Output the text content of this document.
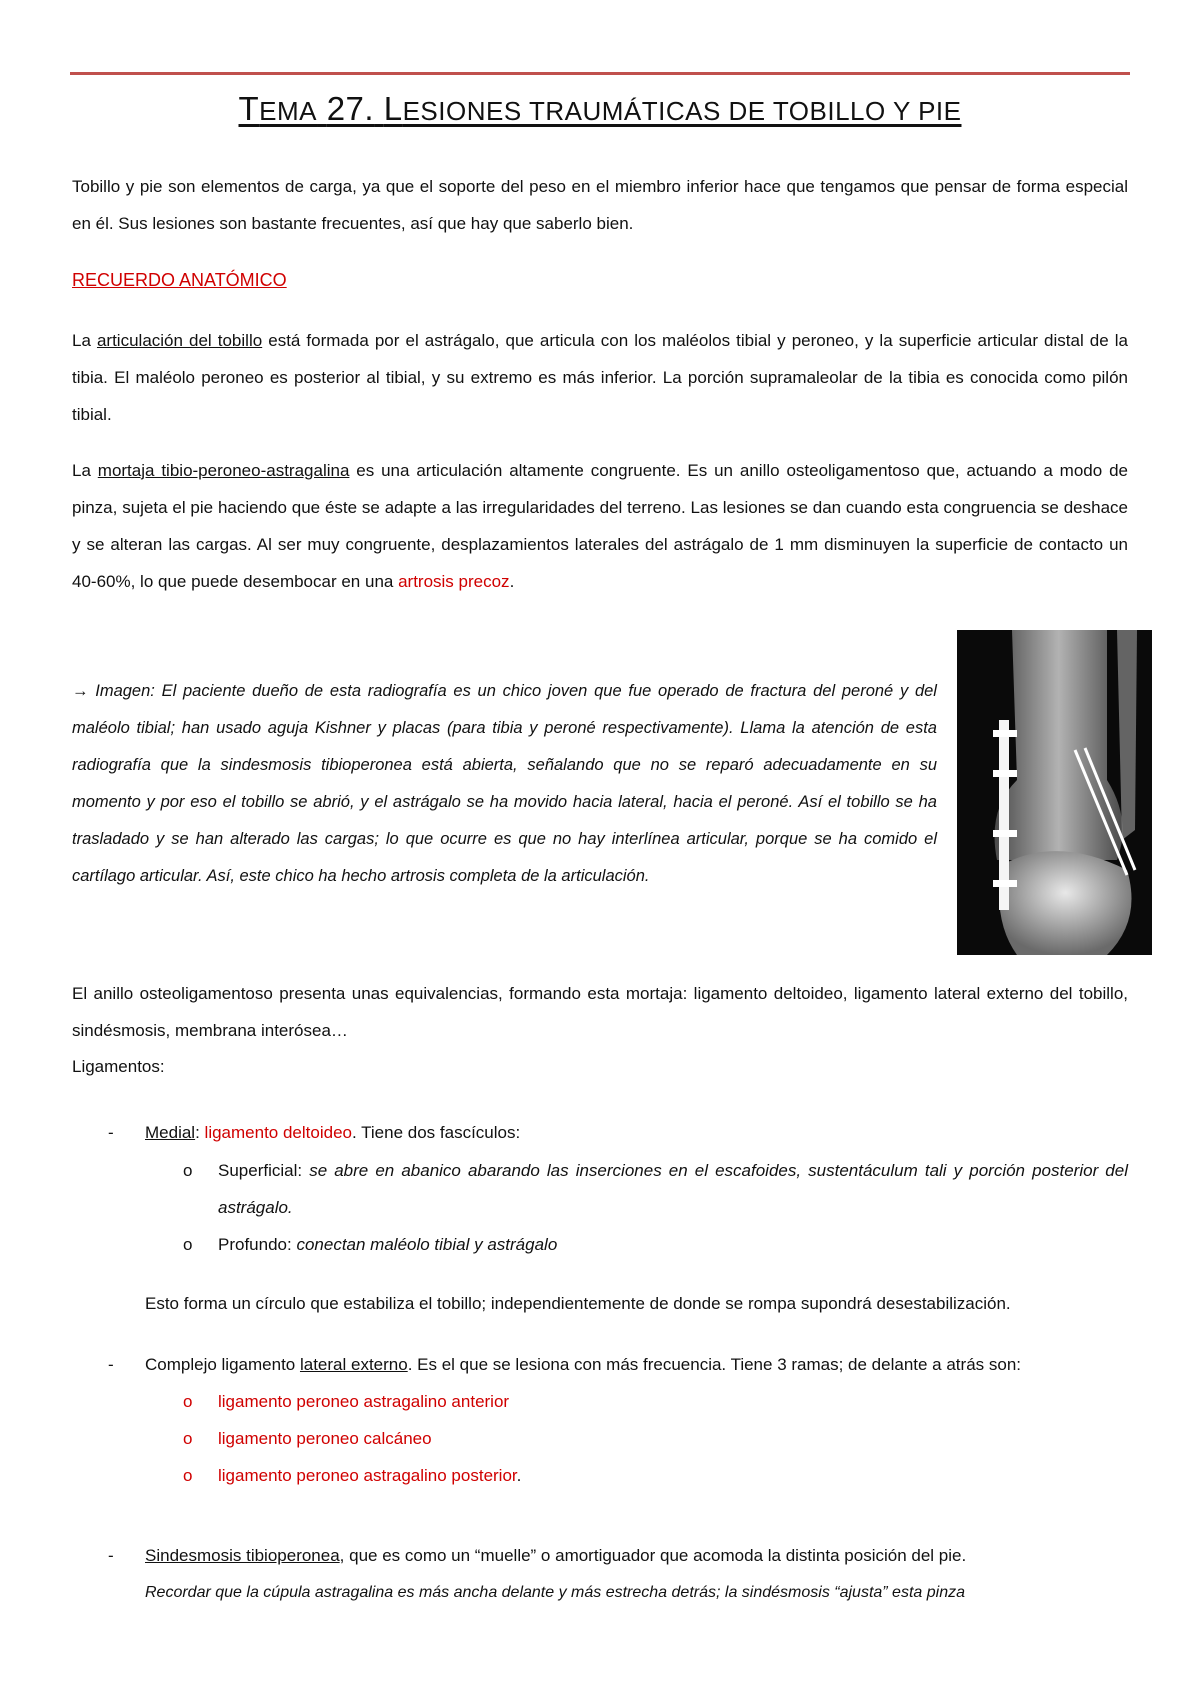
TEMA 27. LESIONES TRAUMÁTICAS DE TOBILLO Y PIE
Tobillo y pie son elementos de carga, ya que el soporte del peso en el miembro inferior hace que tengamos que pensar de forma especial en él. Sus lesiones son bastante frecuentes, así que hay que saberlo bien.
RECUERDO ANATÓMICO
La articulación del tobillo está formada por el astrágalo, que articula con los maléolos tibial y peroneo, y la superficie articular distal de la tibia. El maléolo peroneo es posterior al tibial, y su extremo es más inferior. La porción supramaleolar de la tibia es conocida como pilón tibial.
La mortaja tibio-peroneo-astragalina es una articulación altamente congruente. Es un anillo osteoligamentoso que, actuando a modo de pinza, sujeta el pie haciendo que éste se adapte a las irregularidades del terreno. Las lesiones se dan cuando esta congruencia se deshace y se alteran las cargas. Al ser muy congruente, desplazamientos laterales del astrágalo de 1 mm disminuyen la superficie de contacto un 40-60%, lo que puede desembocar en una artrosis precoz.
→ Imagen: El paciente dueño de esta radiografía es un chico joven que fue operado de fractura del peroné y del maléolo tibial; han usado aguja Kishner y placas (para tibia y peroné respectivamente). Llama la atención de esta radiografía que la sindesmosis tibioperonea está abierta, señalando que no se reparó adecuadamente en su momento y por eso el tobillo se abrió, y el astrágalo se ha movido hacia lateral, hacia el peroné. Así el tobillo se ha trasladado y se han alterado las cargas; lo que ocurre es que no hay interlínea articular, porque se ha comido el cartílago articular. Así, este chico ha hecho artrosis completa de la articulación.
El anillo osteoligamentoso presenta unas equivalencias, formando esta mortaja: ligamento deltoideo, ligamento lateral externo del tobillo, sindésmosis, membrana interósea…
Ligamentos:
- Medial: ligamento deltoideo. Tiene dos fascículos:
o Superficial: se abre en abanico abarando las inserciones en el escafoides, sustentáculum tali y porción posterior del astrágalo.
o Profundo: conectan maléolo tibial y astrágalo
Esto forma un círculo que estabiliza el tobillo; independientemente de donde se rompa supondrá desestabilización.
- Complejo ligamento lateral externo. Es el que se lesiona con más frecuencia. Tiene 3 ramas; de delante a atrás son:
o ligamento peroneo astragalino anterior
o ligamento peroneo calcáneo
o ligamento peroneo astragalino posterior.
- Sindesmosis tibioperonea, que es como un “muelle” o amortiguador que acomoda la distinta posición del pie.
Recordar que la cúpula astragalina es más ancha delante y más estrecha detrás; la sindésmosis “ajusta” esta pinza
